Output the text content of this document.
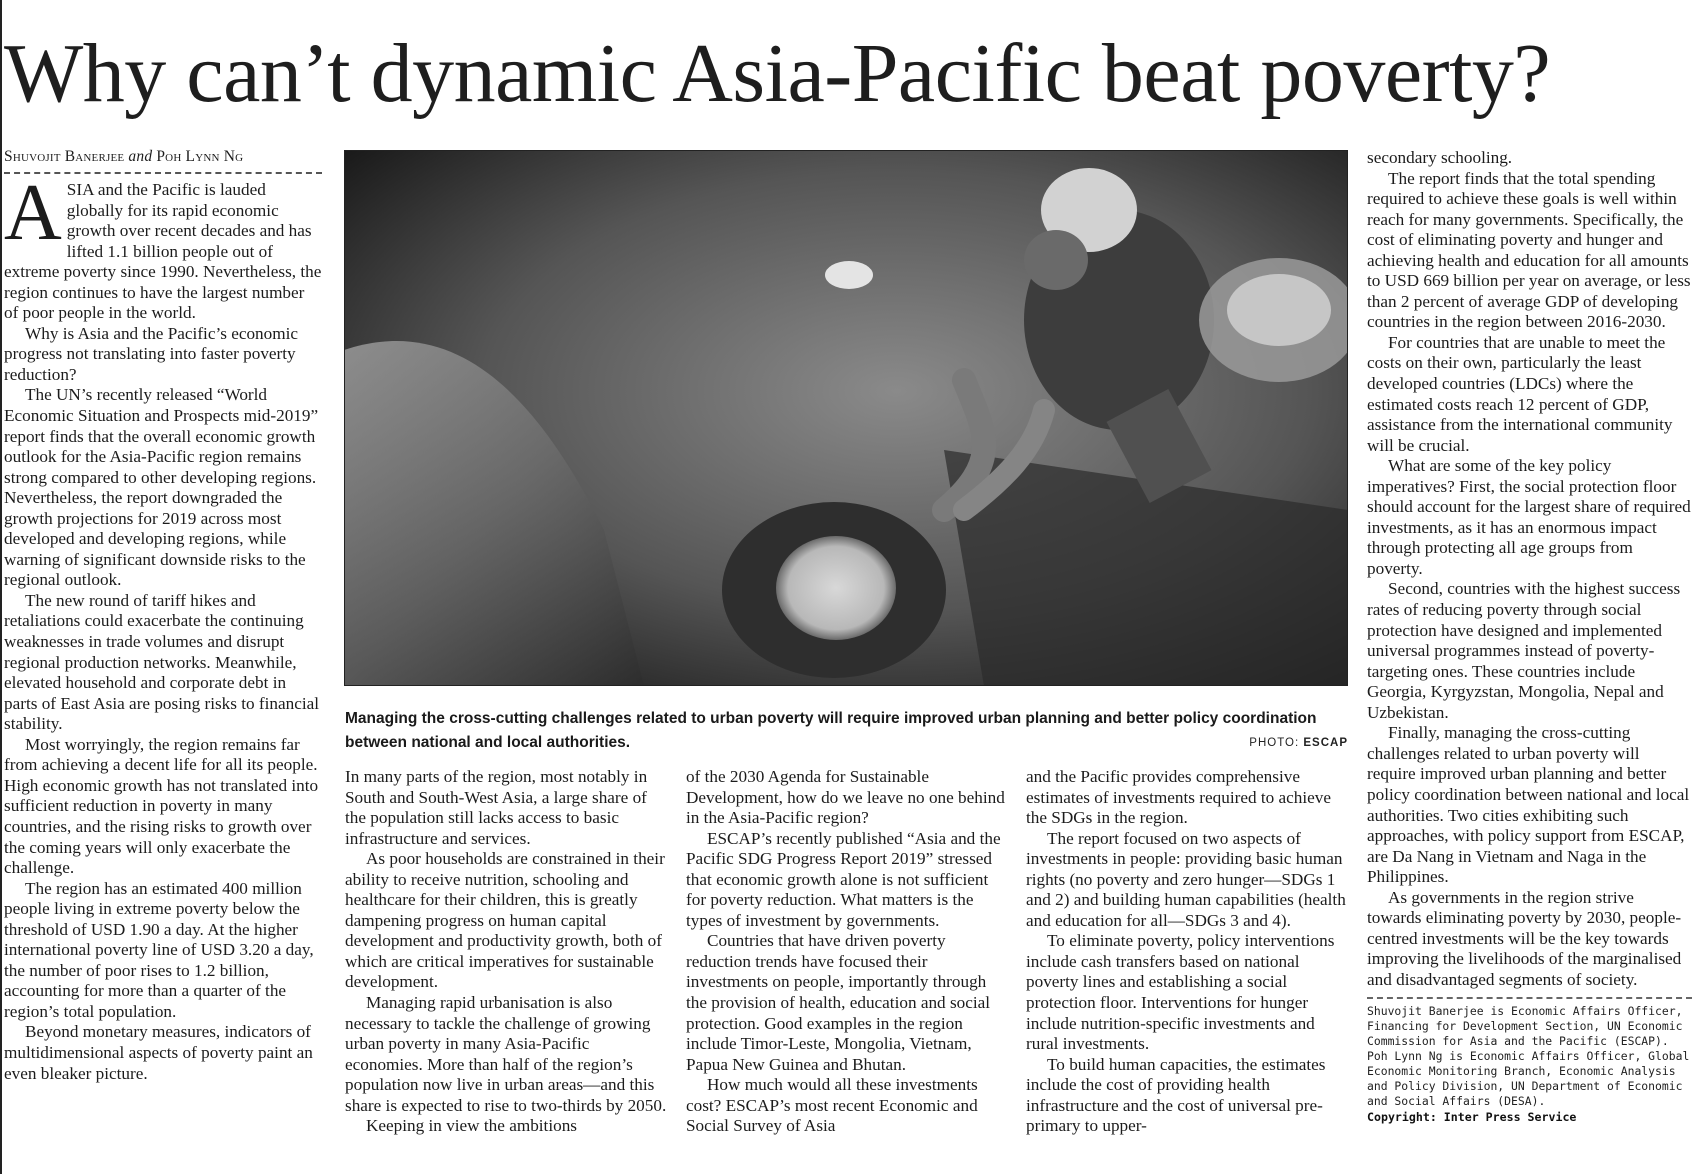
Why can’t dynamic Asia-Pacific beat poverty?
Shuvojit Banerjee and Poh Lynn Ng

ASIA and the Pacific is lauded globally for its rapid economic growth over recent decades and has lifted 1.1 billion people out of extreme poverty since 1990. Nevertheless, the region continues to have the largest number of poor people in the world.

Why is Asia and the Pacific’s economic progress not translating into faster poverty reduction?

The UN’s recently released “World Economic Situation and Prospects mid-2019” report finds that the overall economic growth outlook for the Asia-Pacific region remains strong compared to other developing regions. Nevertheless, the report downgraded the growth projections for 2019 across most developed and developing regions, while warning of significant downside risks to the regional outlook.

The new round of tariff hikes and retaliations could exacerbate the continuing weaknesses in trade volumes and disrupt regional production networks. Meanwhile, elevated household and corporate debt in parts of East Asia are posing risks to financial stability.

Most worryingly, the region remains far from achieving a decent life for all its people. High economic growth has not translated into sufficient reduction in poverty in many countries, and the rising risks to growth over the coming years will only exacerbate the challenge.

The region has an estimated 400 million people living in extreme poverty below the threshold of USD 1.90 a day. At the higher international poverty line of USD 3.20 a day, the number of poor rises to 1.2 billion, accounting for more than a quarter of the region’s total population.

Beyond monetary measures, indicators of multidimensional aspects of poverty paint an even bleaker picture.

Managing the cross-cutting challenges related to urban poverty will require improved urban planning and better policy coordination between national and local authorities.	PHOTO: ESCAP

In many parts of the region, most notably in South and South-West Asia, a large share of the population still lacks access to basic infrastructure and services.

As poor households are constrained in their ability to receive nutrition, schooling and healthcare for their children, this is greatly dampening progress on human capital development and productivity growth, both of which are critical imperatives for sustainable development.

Managing rapid urbanisation is also necessary to tackle the challenge of growing urban poverty in many Asia-Pacific economies. More than half of the region’s population now live in urban areas—and this share is expected to rise to two-thirds by 2050.

Keeping in view the ambitions

of the 2030 Agenda for Sustainable Development, how do we leave no one behind in the Asia-Pacific region?

ESCAP’s recently published “Asia and the Pacific SDG Progress Report 2019” stressed that economic growth alone is not sufficient for poverty reduction. What matters is the types of investment by governments.

Countries that have driven poverty reduction trends have focused their investments on people, importantly through the provision of health, education and social protection. Good examples in the region include Timor-Leste, Mongolia, Vietnam, Papua New Guinea and Bhutan.

How much would all these investments cost? ESCAP’s most recent Economic and Social Survey of Asia

and the Pacific provides comprehensive estimates of investments required to achieve the SDGs in the region.

The report focused on two aspects of investments in people: providing basic human rights (no poverty and zero hunger—SDGs 1 and 2) and building human capabilities (health and education for all—SDGs 3 and 4).

To eliminate poverty, policy interventions include cash transfers based on national poverty lines and establishing a social protection floor. Interventions for hunger include nutrition-specific investments and rural investments.

To build human capacities, the estimates include the cost of providing health infrastructure and the cost of universal pre-primary to upper-

secondary schooling.

The report finds that the total spending required to achieve these goals is well within reach for many governments. Specifically, the cost of eliminating poverty and hunger and achieving health and education for all amounts to USD 669 billion per year on average, or less than 2 percent of average GDP of developing countries in the region between 2016-2030.

For countries that are unable to meet the costs on their own, particularly the least developed countries (LDCs) where the estimated costs reach 12 percent of GDP, assistance from the international community will be crucial.

What are some of the key policy imperatives? First, the social protection floor should account for the largest share of required investments, as it has an enormous impact through protecting all age groups from poverty.

Second, countries with the highest success rates of reducing poverty through social protection have designed and implemented universal programmes instead of poverty-targeting ones. These countries include Georgia, Kyrgyzstan, Mongolia, Nepal and Uzbekistan.

Finally, managing the cross-cutting challenges related to urban poverty will require improved urban planning and better policy coordination between national and local authorities. Two cities exhibiting such approaches, with policy support from ESCAP, are Da Nang in Vietnam and Naga in the Philippines.

As governments in the region strive towards eliminating poverty by 2030, people-centred investments will be the key towards improving the livelihoods of the marginalised and disadvantaged segments of society.

Shuvojit Banerjee is Economic Affairs Officer, Financing for Development Section, UN Economic Commission for Asia and the Pacific (ESCAP). Poh Lynn Ng is Economic Affairs Officer, Global Economic Monitoring Branch, Economic Analysis and Policy Division, UN Department of Economic and Social Affairs (DESA).
Copyright: Inter Press Service
